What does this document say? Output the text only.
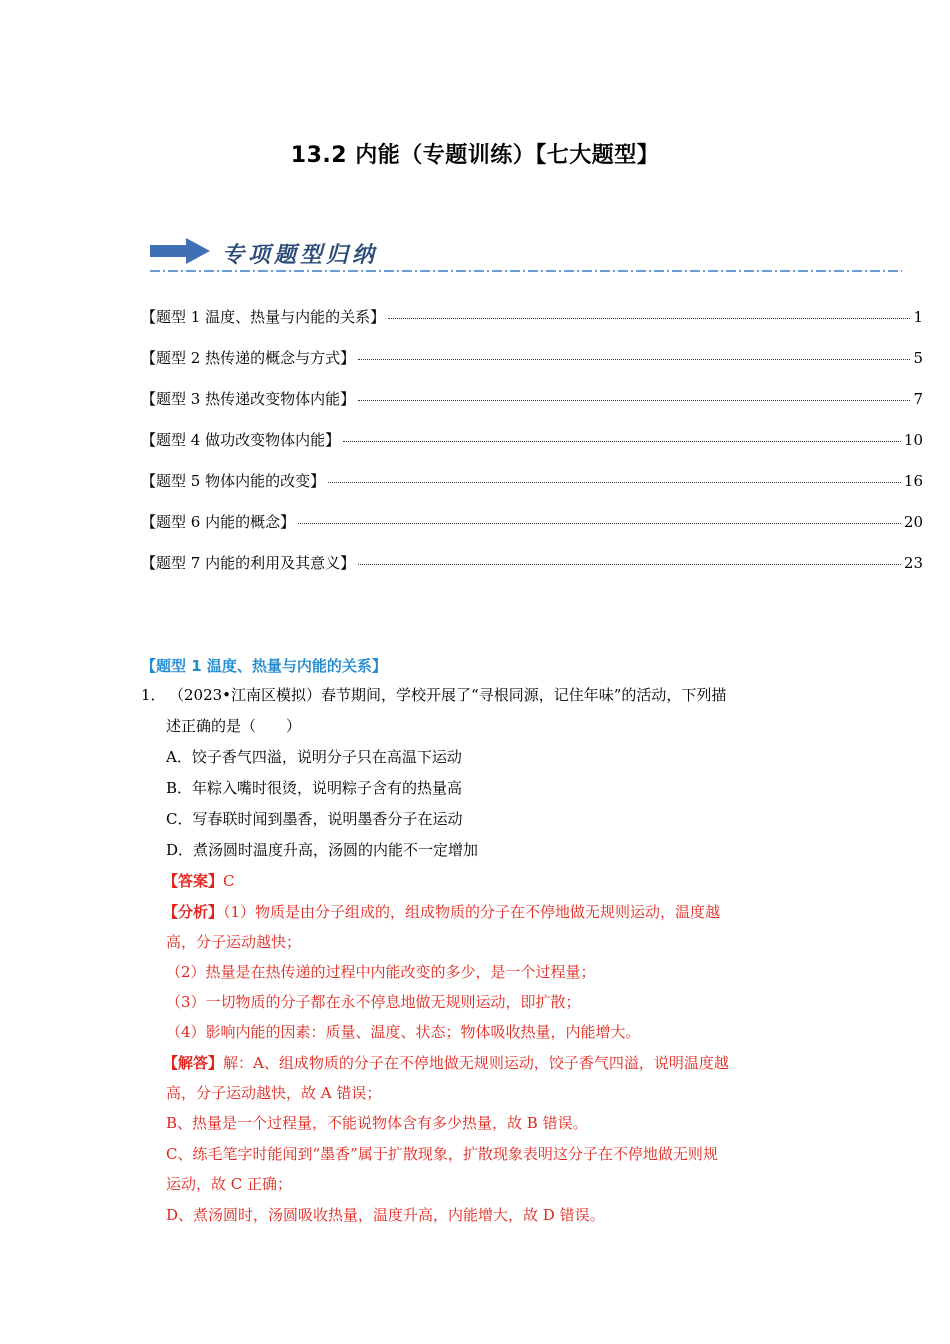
13.2 内能（专题训练）【七大题型】
专项题型归纳
【题型 1 温度、热量与内能的关系】	1
【题型 2 热传递的概念与方式】	5
【题型 3 热传递改变物体内能】	7
【题型 4 做功改变物体内能】	10
【题型 5 物体内能的改变】	16
【题型 6 内能的概念】	20
【题型 7 内能的利用及其意义】	23
【题型 1 温度、热量与内能的关系】
1． （2023•江南区模拟）春节期间，学校开展了“寻根同源，记住年味”的活动，下列描
述正确的是（　　）
A．饺子香气四溢，说明分子只在高温下运动
B．年粽入嘴时很烫，说明粽子含有的热量高
C．写春联时闻到墨香，说明墨香分子在运动
D．煮汤圆时温度升高，汤圆的内能不一定增加
【答案】C
【分析】（1）物质是由分子组成的，组成物质的分子在不停地做无规则运动，温度越
高，分子运动越快；
（2）热量是在热传递的过程中内能改变的多少，是一个过程量；
（3）一切物质的分子都在永不停息地做无规则运动，即扩散；
（4）影响内能的因素：质量、温度、状态；物体吸收热量，内能增大。
【解答】解：A、组成物质的分子在不停地做无规则运动，饺子香气四溢，说明温度越
高，分子运动越快，故 A 错误；
B、热量是一个过程量，不能说物体含有多少热量，故 B 错误。
C、练毛笔字时能闻到“墨香”属于扩散现象，扩散现象表明这分子在不停地做无则规
运动，故 C 正确；
D、煮汤圆时，汤圆吸收热量，温度升高，内能增大，故 D 错误。
